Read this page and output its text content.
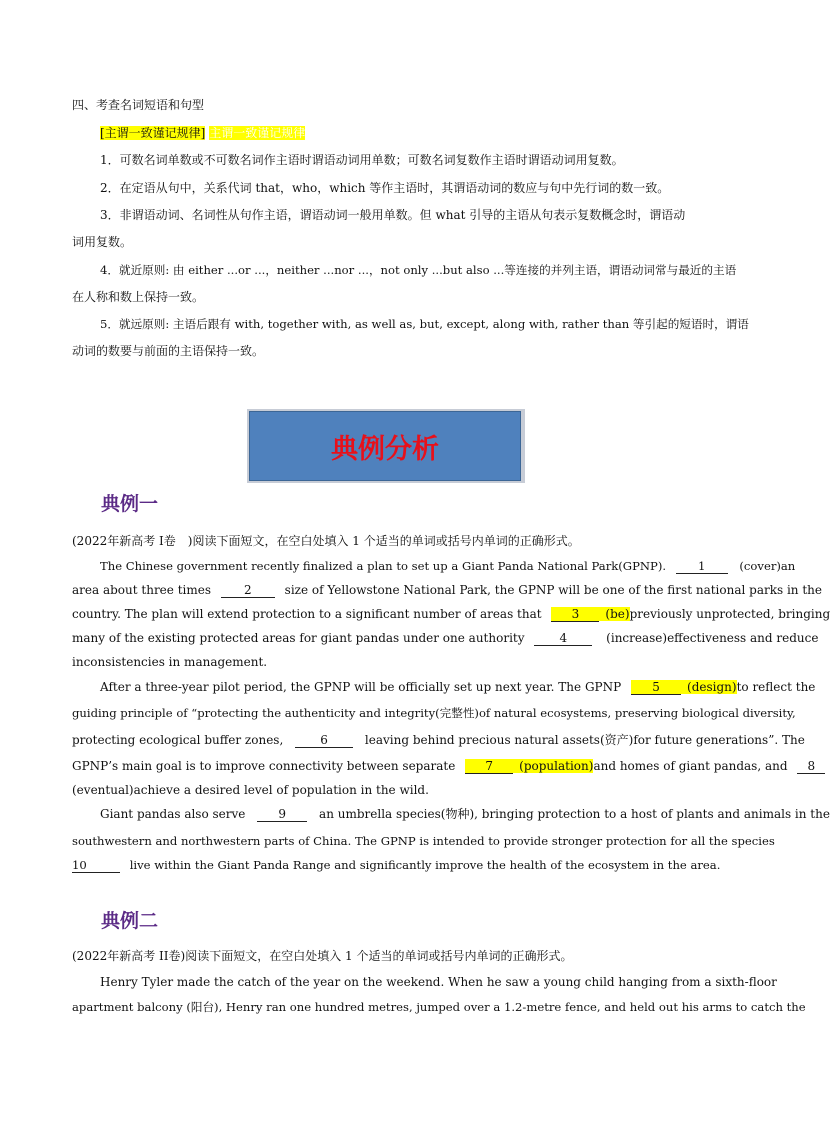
四、考查名词短语和句型
[主谓一致谨记规律] 主谓一致谨记规律
1．可数名词单数或不可数名词作主语时谓语动词用单数；可数名词复数作主语时谓语动词用复数。
2．在定语从句中，关系代词 that，who，which 等作主语时，其谓语动词的数应与句中先行词的数一致。
3．非谓语动词、名词性从句作主语，谓语动词一般用单数。但 what 引导的主语从句表示复数概念时，谓语动
词用复数。
4．就近原则: 由 either ...or ...，neither ...nor ...，not only ...but also ...等连接的并列主语，谓语动词常与最近的主语
在人称和数上保持一致。
5．就远原则: 主语后跟有 with, together with, as well as, but, except, along with, rather than 等引起的短语时，谓语
动词的数要与前面的主语保持一致。
典例分析
典例一
(2022年新高考 I卷　)阅读下面短文，在空白处填入 1 个适当的单词或括号内单词的正确形式。
The Chinese government recently finalized a plan to set up a Giant Panda National Park(GPNP).	1	(cover)an
area about three times	2	size of Yellowstone National Park, the GPNP will be one of the first national parks in the
country. The plan will extend protection to a significant number of areas that	3 (be)previously unprotected, bringing
many of the existing protected areas for giant pandas under one authority	4	(increase)effectiveness and reduce
inconsistencies in management.
After a three-year pilot period, the GPNP will be officially set up next year. The GPNP	5 (design)to reflect the
guiding principle of “protecting the authenticity and integrity(完整性)of natural ecosystems, preserving biological diversity,
protecting ecological buffer zones,	6	leaving behind precious natural assets(资产)for future generations”. The
GPNP’s main goal is to improve connectivity between separate	7 (population)and homes of giant pandas, and 8
(eventual)achieve a desired level of population in the wild.
Giant pandas also serve	9	an umbrella species(物种), bringing protection to a host of plants and animals in the
southwestern and northwestern parts of China. The GPNP is intended to provide stronger protection for all the species
10	live within the Giant Panda Range and significantly improve the health of the ecosystem in the area.
典例二
(2022年新高考 II卷)阅读下面短文，在空白处填入 1 个适当的单词或括号内单词的正确形式。
Henry Tyler made the catch of the year on the weekend. When he saw a young child hanging from a sixth-floor
apartment balcony (阳台), Henry ran one hundred metres, jumped over a 1.2-metre fence, and held out his arms to catch the
